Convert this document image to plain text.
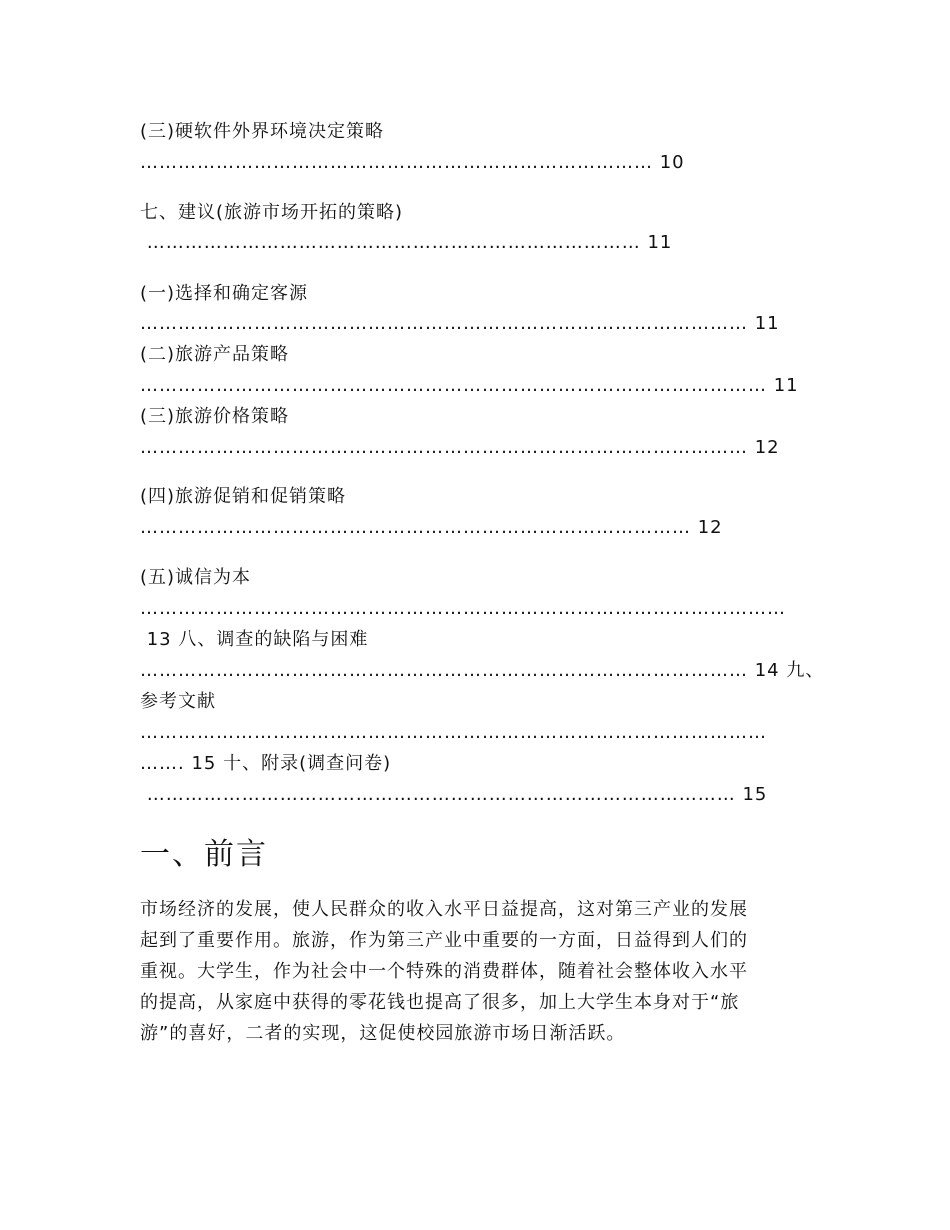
(三)硬软件外界环境决定策略
……………………………………………………………………… 10
七、建议(旅游市场开拓的策略)
…………………………………………………………………… 11
(一)选择和确定客源
…………………………………………………………………………………… 11
(二)旅游产品策略
……………………………………………………………………………………… 11
(三)旅游价格策略
…………………………………………………………………………………… 12
(四)旅游促销和促销策略
…………………………………………………………………………… 12
(五)诚信为本
…………………………………………………………………………………………
13 八、调查的缺陷与困难
…………………………………………………………………………………… 14 九、
参考文献
………………………………………………………………………………………
……. 15 十、附录(调查问卷)
………………………………………………………………………………… 15
一、前言
市场经济的发展，使人民群众的收入水平日益提高，这对第三产业的发展
起到了重要作用。旅游，作为第三产业中重要的一方面，日益得到人们的
重视。大学生，作为社会中一个特殊的消费群体，随着社会整体收入水平
的提高，从家庭中获得的零花钱也提高了很多，加上大学生本身对于“旅
游”的喜好，二者的实现，这促使校园旅游市场日渐活跃。
